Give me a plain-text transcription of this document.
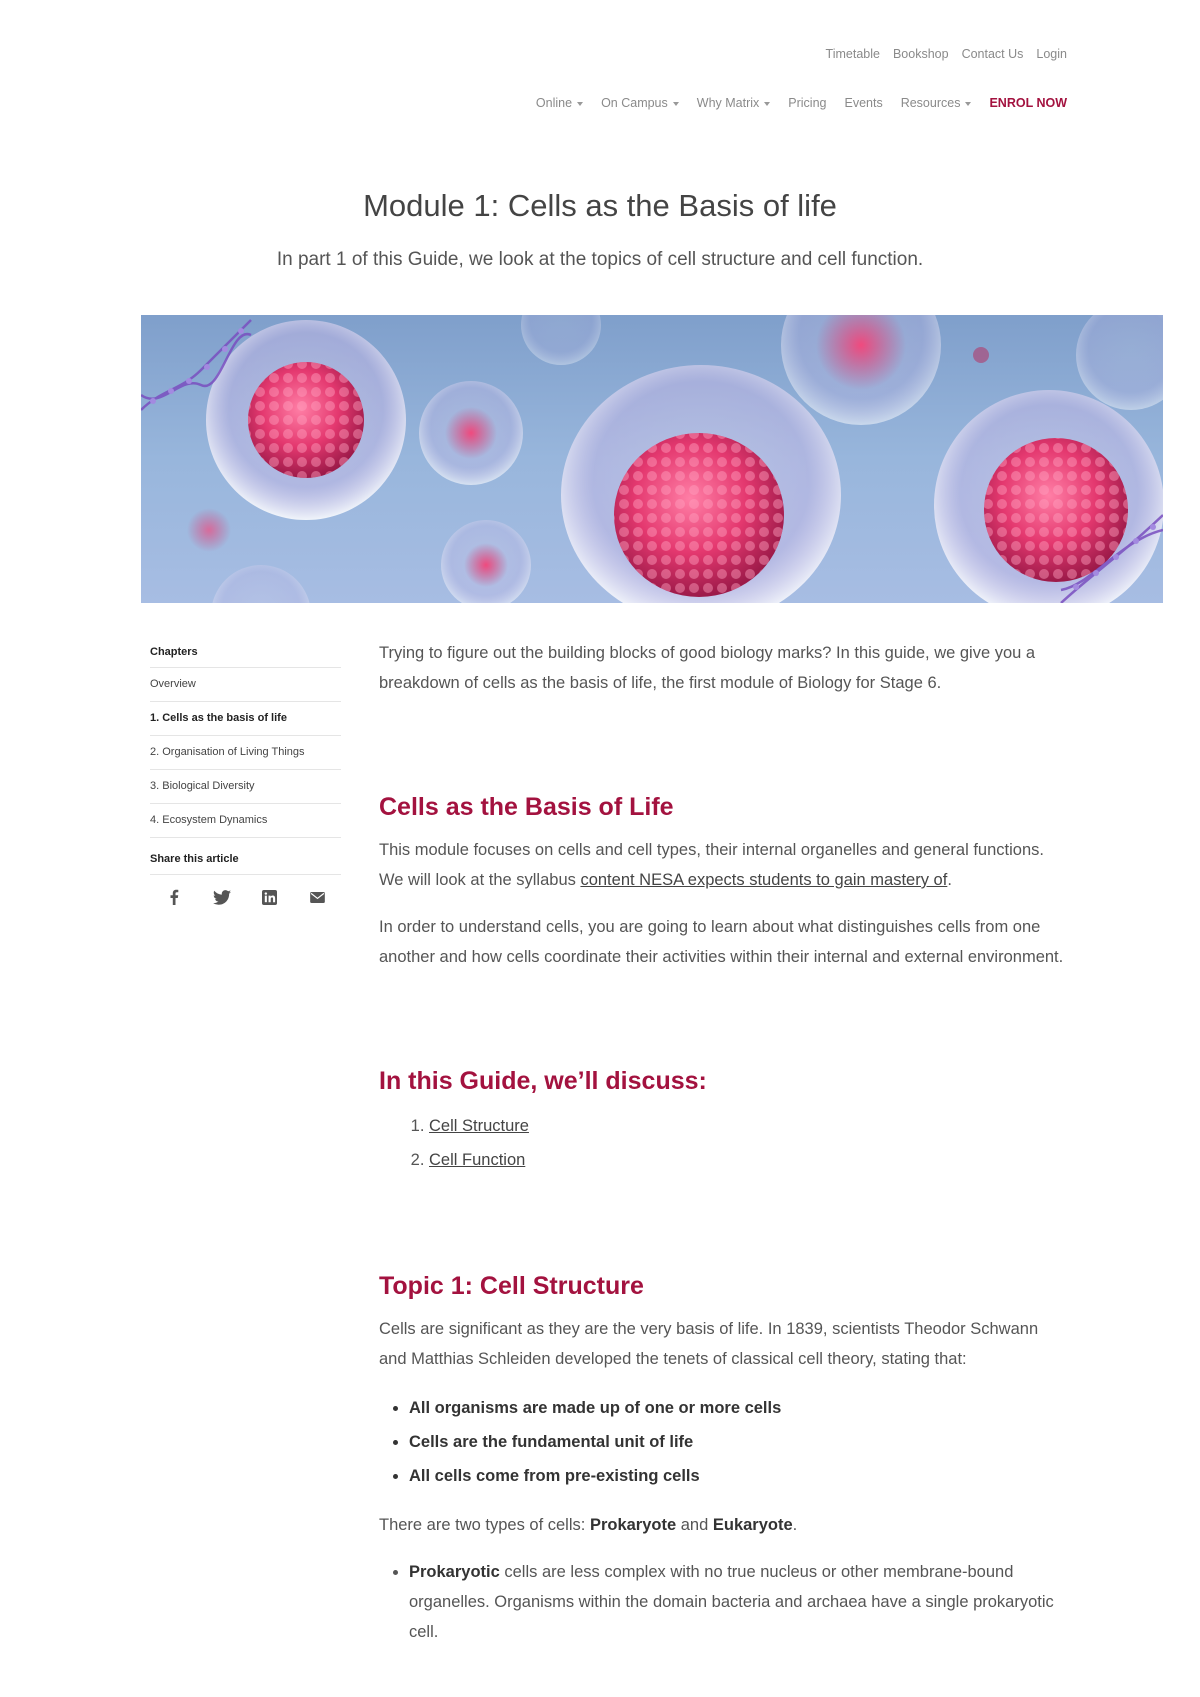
Timetable Bookshop Contact Us Login
Online On Campus Why Matrix Pricing Events Resources ENROL NOW
Module 1: Cells as the Basis of life

In part 1 of this Guide, we look at the topics of cell structure and cell function.

Chapters
Overview
1. Cells as the basis of life
2. Organisation of Living Things
3. Biological Diversity
4. Ecosystem Dynamics
Share this article

Trying to figure out the building blocks of good biology marks? In this guide, we give you a breakdown of cells as the basis of life, the first module of Biology for Stage 6.

Cells as the Basis of Life

This module focuses on cells and cell types, their internal organelles and general functions. We will look at the syllabus content NESA expects students to gain mastery of.

In order to understand cells, you are going to learn about what distinguishes cells from one another and how cells coordinate their activities within their internal and external environment.

In this Guide, we’ll discuss:
1. Cell Structure
2. Cell Function
Topic 1: Cell Structure

Cells are significant as they are the very basis of life. In 1839, scientists Theodor Schwann and Matthias Schleiden developed the tenets of classical cell theory, stating that:

• All organisms are made up of one or more cells
• Cells are the fundamental unit of life
• All cells come from pre-existing cells

There are two types of cells: Prokaryote and Eukaryote.

• Prokaryotic cells are less complex with no true nucleus or other membrane-bound organelles. Organisms within the domain bacteria and archaea have a single prokaryotic cell.
